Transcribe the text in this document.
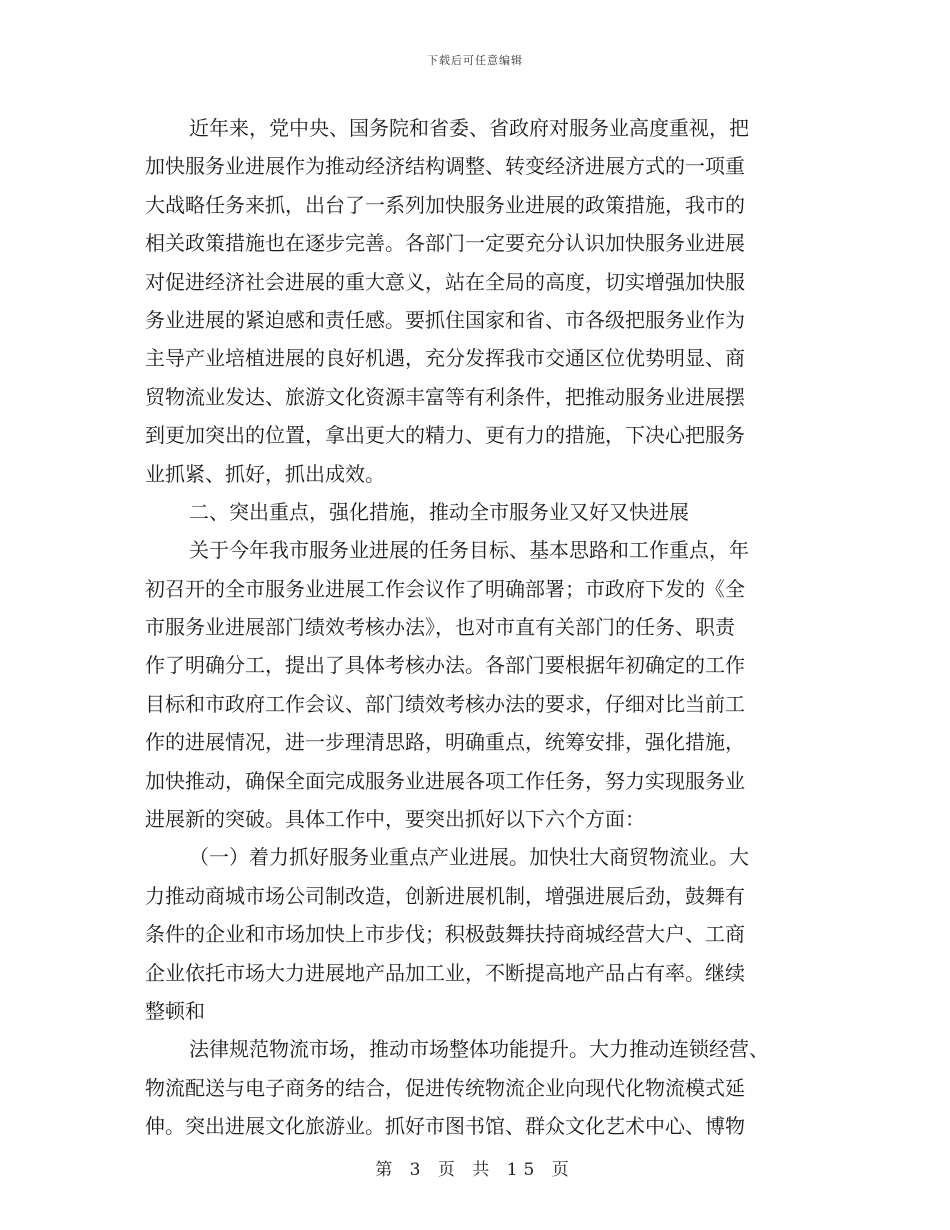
下载后可任意编辑
近年来，党中央、国务院和省委、省政府对服务业高度重视，把
加快服务业进展作为推动经济结构调整、转变经济进展方式的一项重
大战略任务来抓，出台了一系列加快服务业进展的政策措施，我市的
相关政策措施也在逐步完善。各部门一定要充分认识加快服务业进展
对促进经济社会进展的重大意义，站在全局的高度，切实增强加快服
务业进展的紧迫感和责任感。要抓住国家和省、市各级把服务业作为
主导产业培植进展的良好机遇，充分发挥我市交通区位优势明显、商
贸物流业发达、旅游文化资源丰富等有利条件，把推动服务业进展摆
到更加突出的位置，拿出更大的精力、更有力的措施，下决心把服务
业抓紧、抓好，抓出成效。
二、突出重点，强化措施，推动全市服务业又好又快进展
关于今年我市服务业进展的任务目标、基本思路和工作重点，年
初召开的全市服务业进展工作会议作了明确部署；市政府下发的《全
市服务业进展部门绩效考核办法》，也对市直有关部门的任务、职责
作了明确分工，提出了具体考核办法。各部门要根据年初确定的工作
目标和市政府工作会议、部门绩效考核办法的要求，仔细对比当前工
作的进展情况，进一步理清思路，明确重点，统筹安排，强化措施，
加快推动，确保全面完成服务业进展各项工作任务，努力实现服务业
进展新的突破。具体工作中，要突出抓好以下六个方面：
（一）着力抓好服务业重点产业进展。加快壮大商贸物流业。大
力推动商城市场公司制改造，创新进展机制，增强进展后劲，鼓舞有
条件的企业和市场加快上市步伐；积极鼓舞扶持商城经营大户、工商
企业依托市场大力进展地产品加工业，不断提高地产品占有率。继续
整顿和
法律规范物流市场，推动市场整体功能提升。大力推动连锁经营、
物流配送与电子商务的结合，促进传统物流企业向现代化物流模式延
伸。突出进展文化旅游业。抓好市图书馆、群众文化艺术中心、博物
第 3 页 共 15 页
